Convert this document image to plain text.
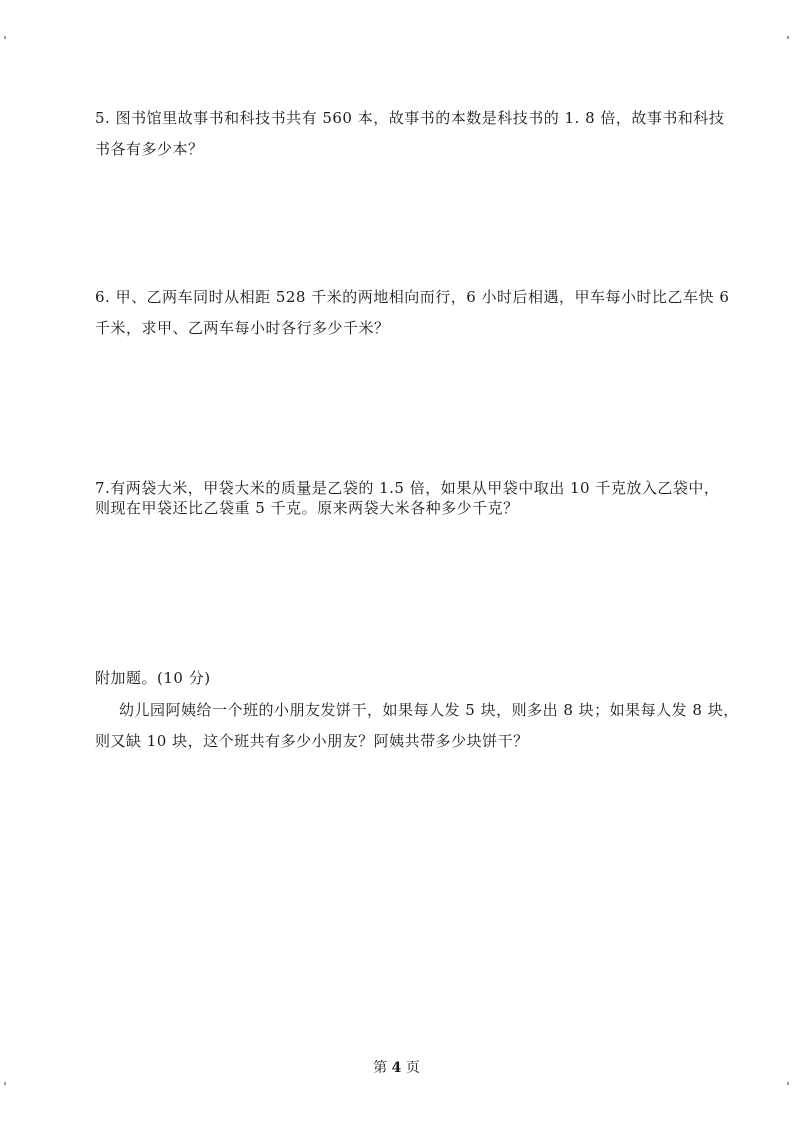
5. 图书馆里故事书和科技书共有 560 本，故事书的本数是科技书的 1. 8 倍，故事书和科技
书各有多少本？
6. 甲、乙两车同时从相距 528 千米的两地相向而行，6 小时后相遇，甲车每小时比乙车快 6
千米，求甲、乙两车每小时各行多少千米？
7.有两袋大米，甲袋大米的质量是乙袋的 1.5 倍，如果从甲袋中取出 10 千克放入乙袋中，
则现在甲袋还比乙袋重 5 千克。原来两袋大米各种多少千克？
附加题。(10 分)
幼儿园阿姨给一个班的小朋友发饼干，如果每人发 5 块，则多出 8 块；如果每人发 8 块，
则又缺 10 块，这个班共有多少小朋友？阿姨共带多少块饼干？
第 4 页
